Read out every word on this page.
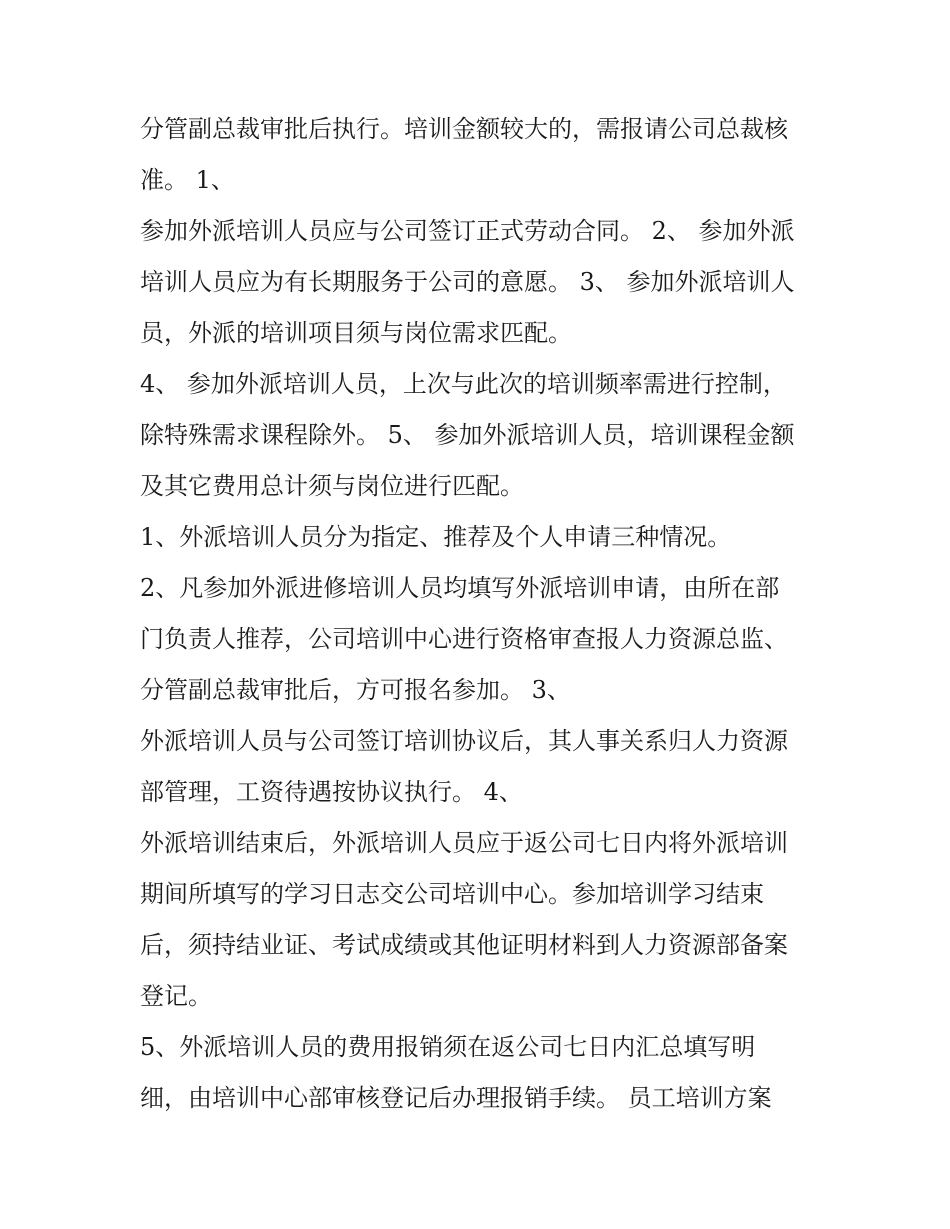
分管副总裁审批后执行。培训金额较大的，需报请公司总裁核
准。 1、
参加外派培训人员应与公司签订正式劳动合同。 2、 参加外派
培训人员应为有长期服务于公司的意愿。 3、 参加外派培训人
员，外派的培训项目须与岗位需求匹配。
4、 参加外派培训人员，上次与此次的培训频率需进行控制，
除特殊需求课程除外。 5、 参加外派培训人员，培训课程金额
及其它费用总计须与岗位进行匹配。
1、外派培训人员分为指定、推荐及个人申请三种情况。
2、凡参加外派进修培训人员均填写外派培训申请，由所在部
门负责人推荐，公司培训中心进行资格审查报人力资源总监、
分管副总裁审批后，方可报名参加。 3、
外派培训人员与公司签订培训协议后，其人事关系归人力资源
部管理，工资待遇按协议执行。 4、
外派培训结束后，外派培训人员应于返公司七日内将外派培训
期间所填写的学习日志交公司培训中心。参加培训学习结束
后，须持结业证、考试成绩或其他证明材料到人力资源部备案
登记。
5、外派培训人员的费用报销须在返公司七日内汇总填写明
细，由培训中心部审核登记后办理报销手续。 员工培训方案
